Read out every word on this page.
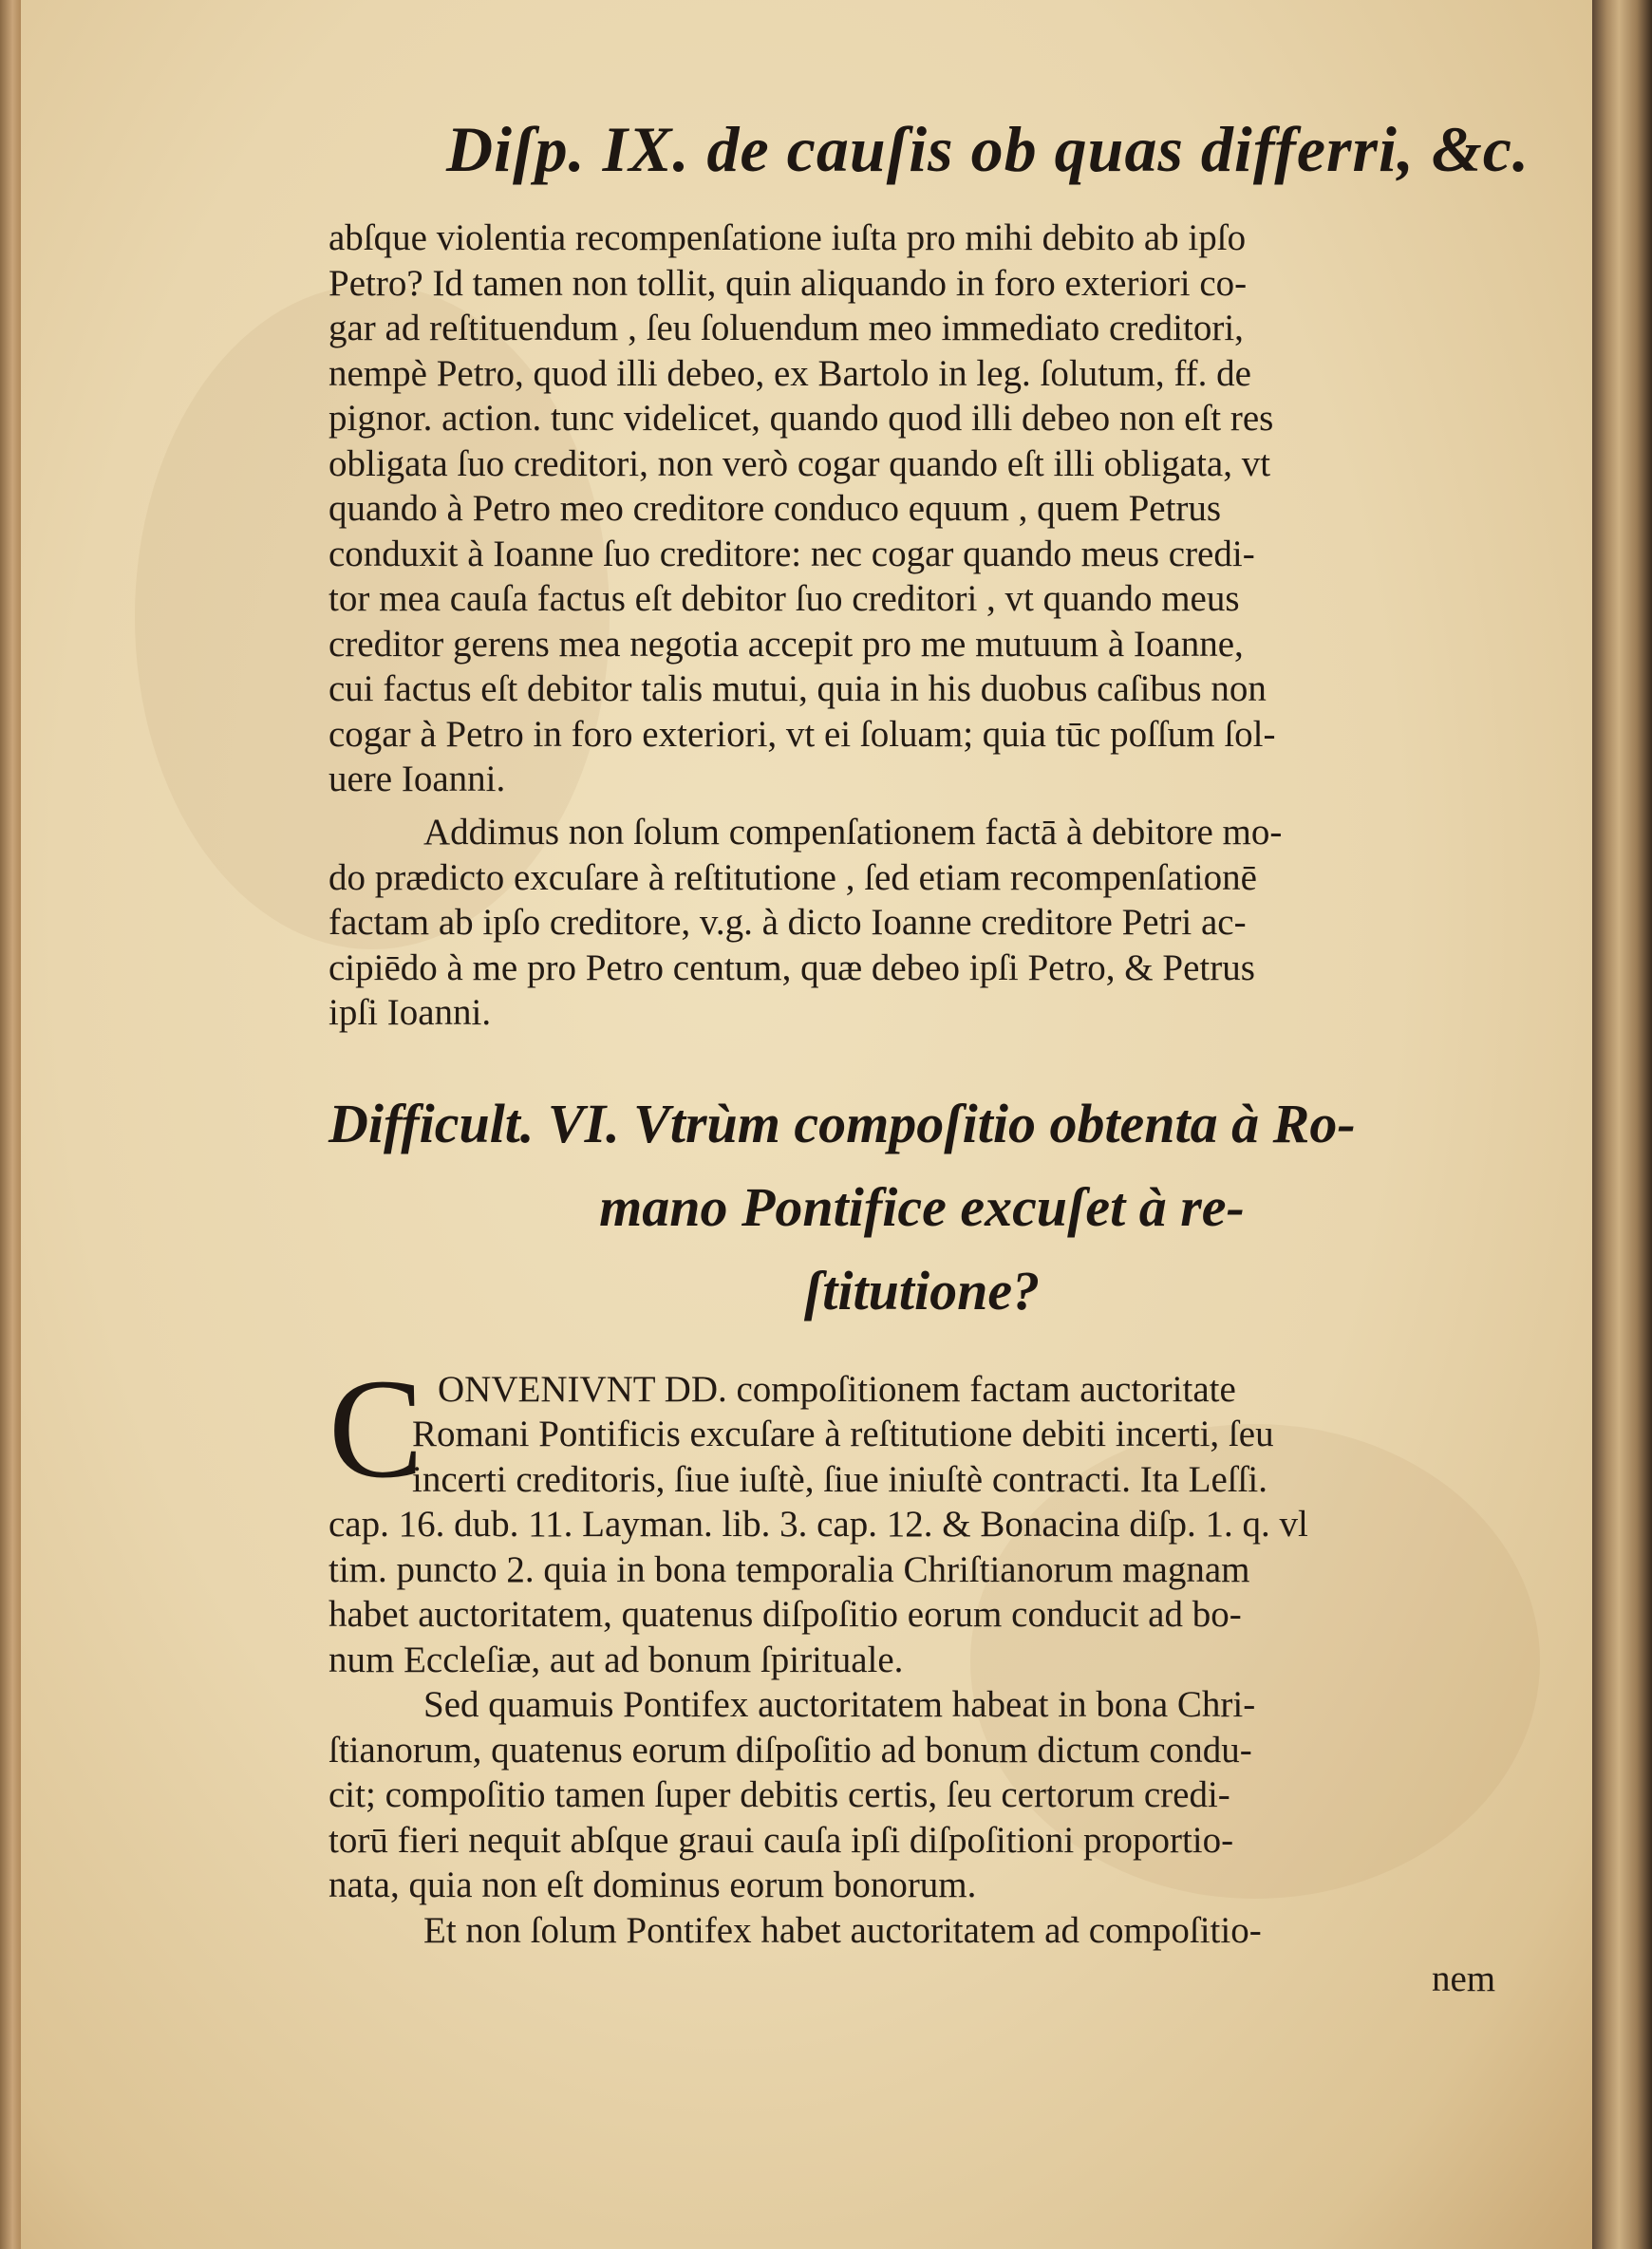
Diſp. IX. de cauſis ob quas differri, &c.
abſque violentia recompenſatione iuſta pro mihi debito ab ipſo
Petro? Id tamen non tollit, quin aliquando in foro exteriori co-
gar ad reſtituendum , ſeu ſoluendum meo immediato creditori,
nempè Petro, quod illi debeo, ex Bartolo in leg. ſolutum, ff. de
pignor. action. tunc videlicet, quando quod illi debeo non eſt res
obligata ſuo creditori, non verò cogar quando eſt illi obligata, vt
quando à Petro meo creditore conduco equum , quem Petrus
conduxit à Ioanne ſuo creditore: nec cogar quando meus credi-
tor mea cauſa factus eſt debitor ſuo creditori , vt quando meus
creditor gerens mea negotia accepit pro me mutuum à Ioanne,
cui factus eſt debitor talis mutui, quia in his duobus caſibus non
cogar à Petro in foro exteriori, vt ei ſoluam; quia tūc poſſum ſol-
uere Ioanni.
Addimus non ſolum compenſationem factā à debitore mo-
do prædicto excuſare à reſtitutione , ſed etiam recompenſationē
factam ab ipſo creditore, v.g. à dicto Ioanne creditore Petri ac-
cipiēdo à me pro Petro centum, quæ debeo ipſi Petro, & Petrus
ipſi Ioanni.
Difficult. VI. Vtrùm compoſitio obtenta à Ro-
mano Pontifice excuſet à re-
ſtitutione?
C ONVENIVNT DD. compoſitionem factam auctoritate
Romani Pontificis excuſare à reſtitutione debiti incerti, ſeu
incerti creditoris, ſiue iuſtè, ſiue iniuſtè contracti. Ita Leſſi.
cap. 16. dub. 11. Layman. lib. 3. cap. 12. & Bonacina diſp. 1. q. vl
tim. puncto 2. quia in bona temporalia Chriſtianorum magnam
habet auctoritatem, quatenus diſpoſitio eorum conducit ad bo-
num Eccleſiæ, aut ad bonum ſpirituale.
Sed quamuis Pontifex auctoritatem habeat in bona Chri-
ſtianorum, quatenus eorum diſpoſitio ad bonum dictum condu-
cit; compoſitio tamen ſuper debitis certis, ſeu certorum credi-
torū fieri nequit abſque graui cauſa ipſi diſpoſitioni proportio-
nata, quia non eſt dominus eorum bonorum.
Et non ſolum Pontifex habet auctoritatem ad compoſitio-
nem
